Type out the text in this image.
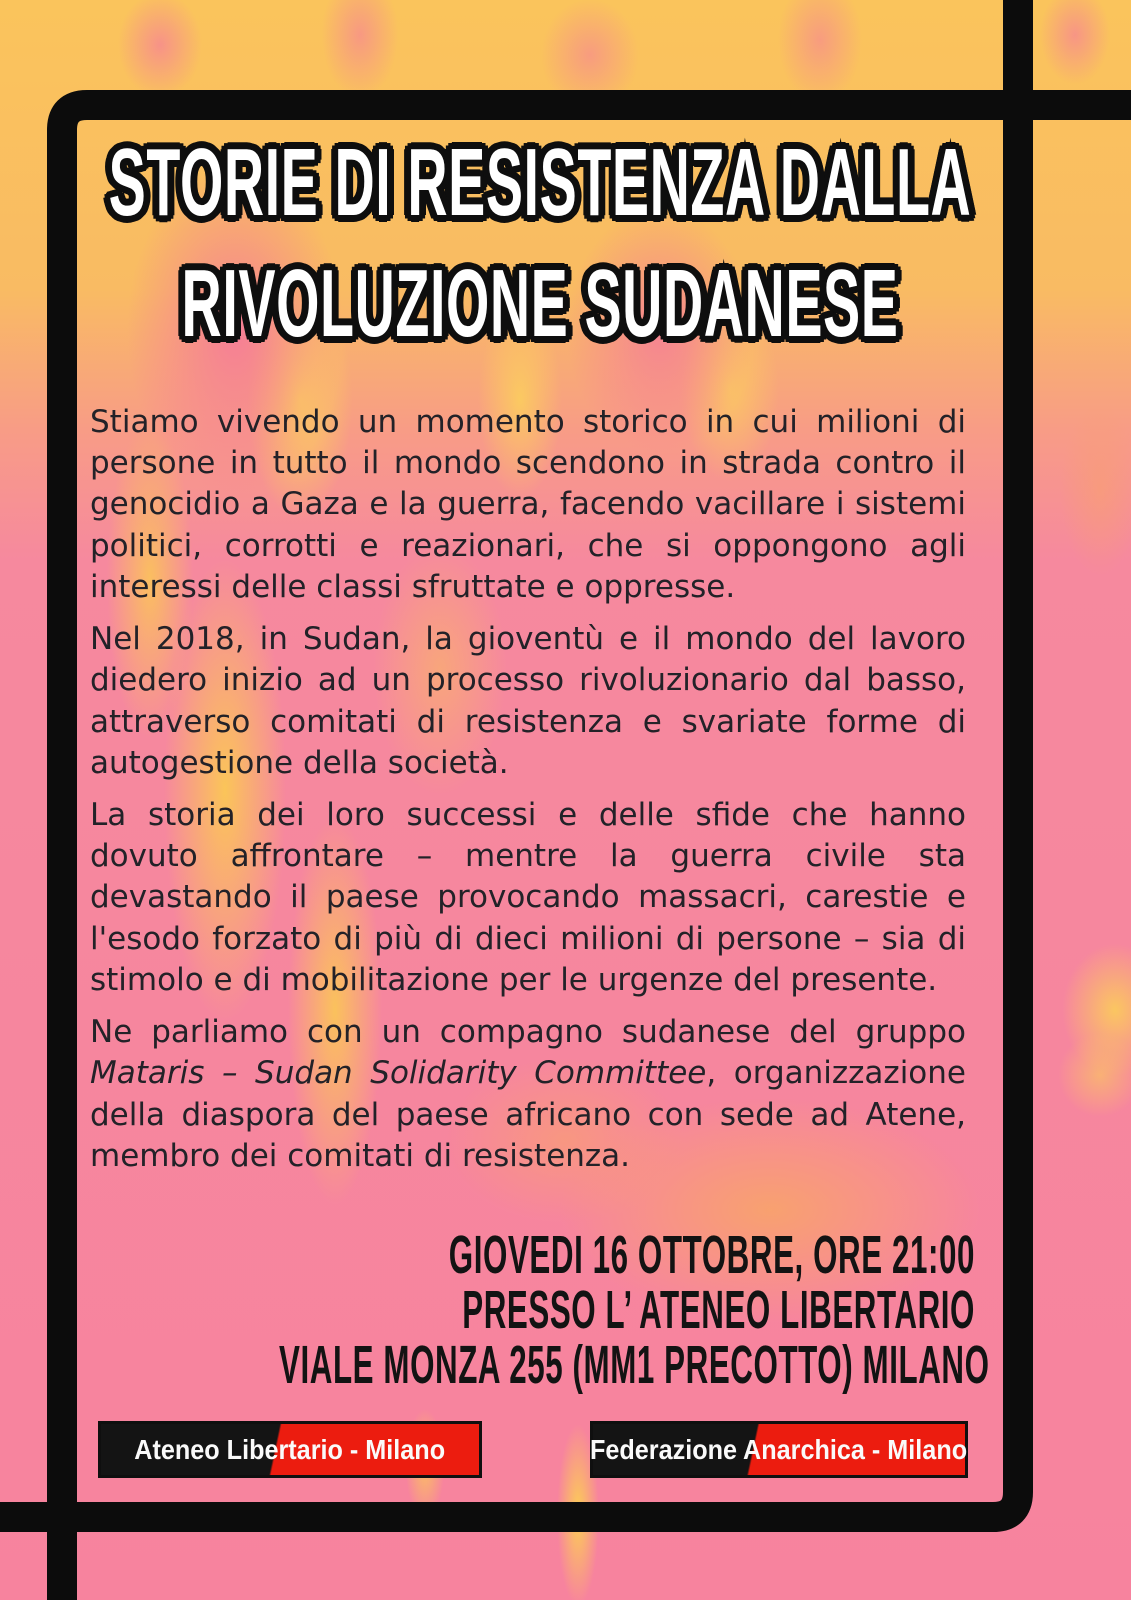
STORIE DI RESISTENZA DALLA

RIVOLUZIONE SUDANESE

Stiamo vivendo un momento storico in cui milioni di persone in tutto il mondo scendono in strada contro il genocidio a Gaza e la guerra, facendo vacillare i sistemi politici, corrotti e reazionari, che si oppongono agli interessi delle classi sfruttate e oppresse.

Nel 2018, in Sudan, la gioventù e il mondo del lavoro diedero inizio ad un processo rivoluzionario dal basso, attraverso comitati di resistenza e svariate forme di autogestione della società.

La storia dei loro successi e delle sfide che hanno dovuto affrontare – mentre la guerra civile sta devastando il paese provocando massacri, carestie e l'esodo forzato di più di dieci milioni di persone – sia di stimolo e di mobilitazione per le urgenze del presente.

Ne parliamo con un compagno sudanese del gruppo Mataris – Sudan Solidarity Committee, organizzazione della diaspora del paese africano con sede ad Atene, membro dei comitati di resistenza.

GIOVEDI 16 OTTOBRE, ORE 21:00
PRESSO L’ ATENEO LIBERTARIO
VIALE MONZA 255 (MM1 PRECOTTO) MILANO
Ateneo Libertario - Milano	Federazione Anarchica - Milano
